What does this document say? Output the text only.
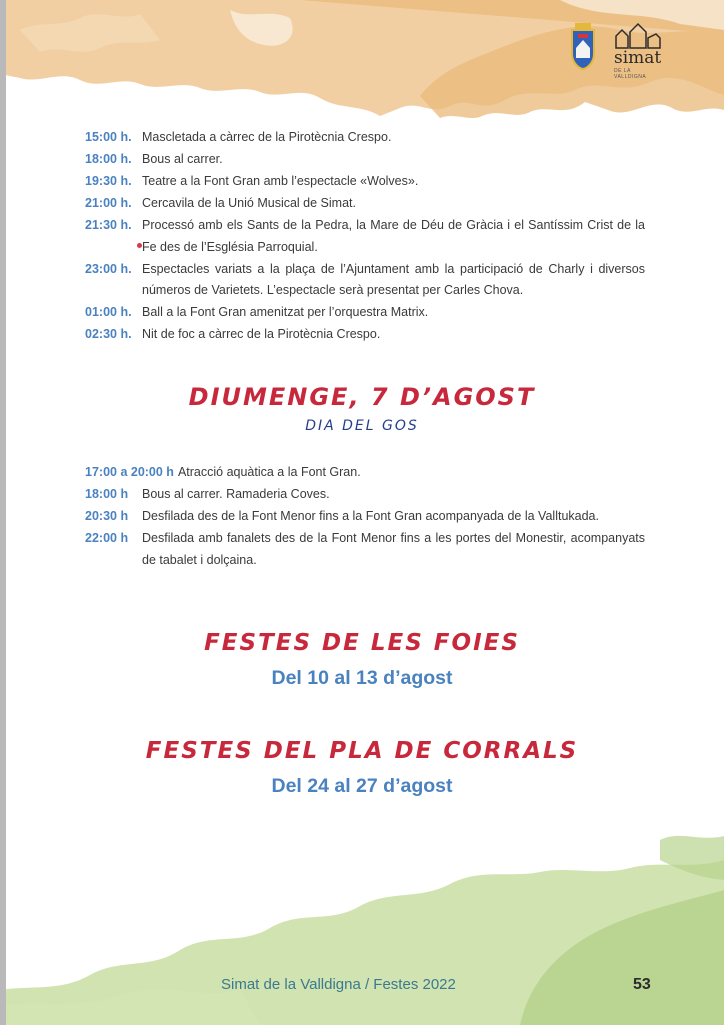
simat
DE LA VALLDIGNA
15:00 h. Mascletada a càrrec de la Pirotècnia Crespo.
18:00 h. Bous al carrer.
19:30 h. Teatre a la Font Gran amb l’espectacle «Wolves».
21:00 h. Cercavila de la Unió Musical de Simat.
21:30 h. Processó amb els Sants de la Pedra, la Mare de Déu de Gràcia i el Santíssim Crist de la Fe des de l’Església Parroquial.
23:00 h. Espectacles variats a la plaça de l’Ajuntament amb la participació de Charly i diversos números de Varietets. L’espectacle serà presentat per Carles Chova.
01:00 h. Ball a la Font Gran amenitzat per l’orquestra Matrix.
02:30 h. Nit de foc a càrrec de la Pirotècnia Crespo.
DIUMENGE, 7 D’AGOST
DIA DEL GOS
17:00 a 20:00 h Atracció aquàtica a la Font Gran.
18:00 h	Bous al carrer. Ramaderia Coves.
20:30 h	Desfilada des de la Font Menor fins a la Font Gran acompanyada de la Valltukada.
22:00 h	Desfilada amb fanalets des de la Font Menor fins a les portes del Monestir, acompanyats de tabalet i dolçaina.
FESTES DE LES FOIES
Del 10 al 13 d’agost
FESTES DEL PLA DE CORRALS
Del 24 al 27 d’agost
Simat de la Valldigna / Festes 2022	53
